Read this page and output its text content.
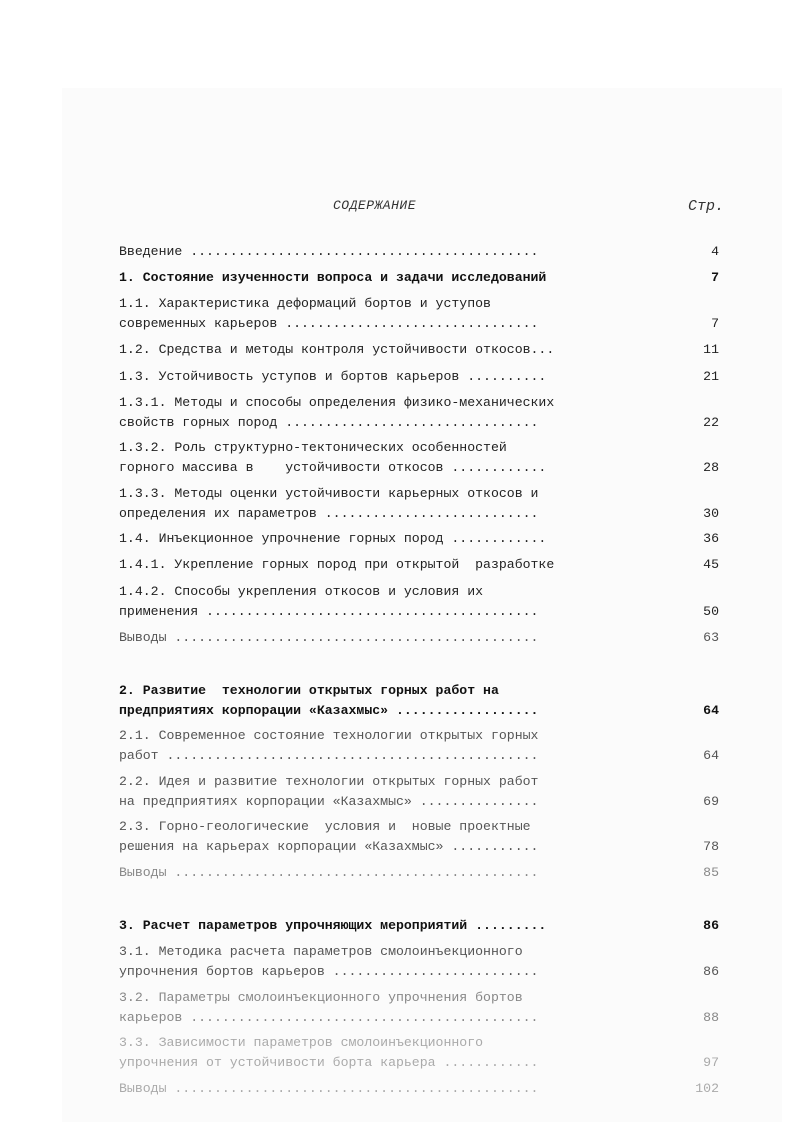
СОДЕРЖАНИЕ	Стр.
Введение ............................................	4
1. Состояние изученности вопроса и задачи исследований	7
1.1. Характеристика деформаций бортов и уступов
современных карьеров ................................	7
1.2. Средства и методы контроля устойчивости откосов...	11
1.3. Устойчивость уступов и бортов карьеров ..........	21
1.3.1. Методы и способы определения физико-механических
свойств горных пород ................................	22
1.3.2. Роль структурно-тектонических особенностей
горного массива в    устойчивости откосов ............	28
1.3.3. Методы оценки устойчивости карьерных откосов и
определения их параметров ...........................	30
1.4. Инъекционное упрочнение горных пород ............	36
1.4.1. Укрепление горных пород при открытой  разработке	45
1.4.2. Способы укрепления откосов и условия их
применения ..........................................	50
Выводы ..............................................	63
2. Развитие  технологии открытых горных работ на
предприятиях корпорации «Казахмыс» ..................	64
2.1. Современное состояние технологии открытых горных
работ ...............................................	64
2.2. Идея и развитие технологии открытых горных работ
на предприятиях корпорации «Казахмыс» ...............	69
2.3. Горно-геологические  условия и  новые проектные
решения на карьерах корпорации «Казахмыс» ...........	78
Выводы ..............................................	85
3. Расчет параметров упрочняющих мероприятий .........	86
3.1. Методика расчета параметров смолоинъекционного
упрочнения бортов карьеров ..........................	86
3.2. Параметры смолоинъекционного упрочнения бортов
карьеров ............................................	88
3.3. Зависимости параметров смолоинъекционного
упрочнения от устойчивости борта карьера ............	97
Выводы ..............................................	102
